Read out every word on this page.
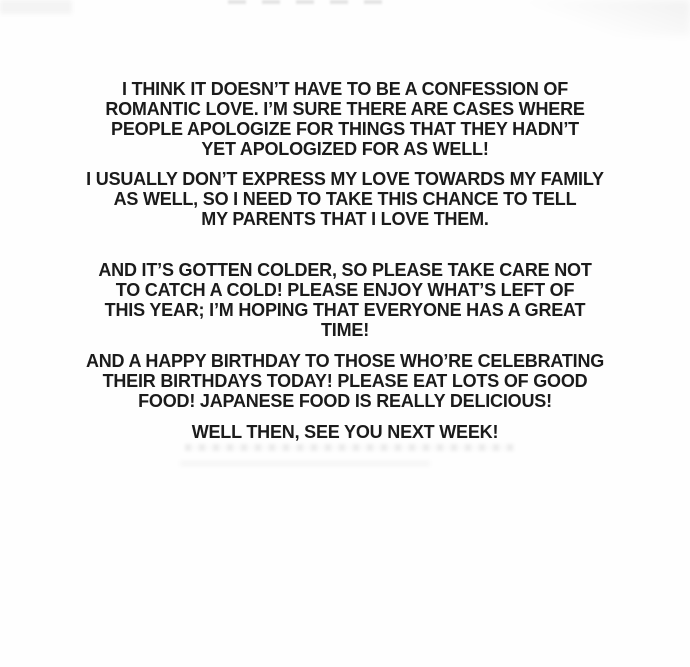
I THINK IT DOESN’T HAVE TO BE A CONFESSION OF
ROMANTIC LOVE. I’M SURE THERE ARE CASES WHERE
PEOPLE APOLOGIZE FOR THINGS THAT THEY HADN’T
YET APOLOGIZED FOR AS WELL!
I USUALLY DON’T EXPRESS MY LOVE TOWARDS MY FAMILY
AS WELL, SO I NEED TO TAKE THIS CHANCE TO TELL
MY PARENTS THAT I LOVE THEM.
AND IT’S GOTTEN COLDER, SO PLEASE TAKE CARE NOT
TO CATCH A COLD! PLEASE ENJOY WHAT’S LEFT OF
THIS YEAR; I’M HOPING THAT EVERYONE HAS A GREAT
TIME!
AND A HAPPY BIRTHDAY TO THOSE WHO’RE CELEBRATING
THEIR BIRTHDAYS TODAY! PLEASE EAT LOTS OF GOOD
FOOD! JAPANESE FOOD IS REALLY DELICIOUS!
WELL THEN, SEE YOU NEXT WEEK!
